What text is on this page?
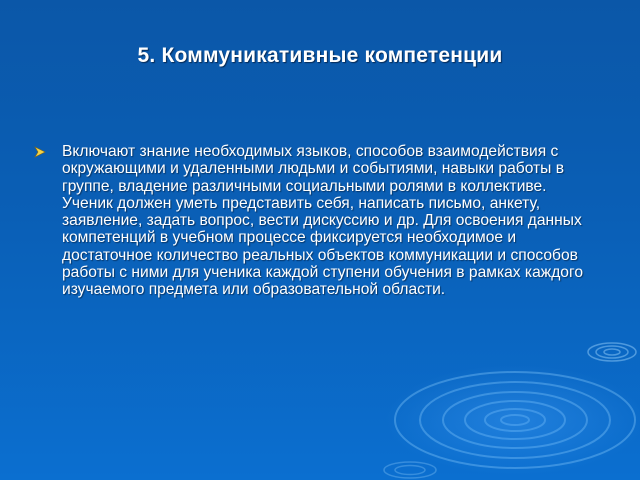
5. Коммуникативные компетенции

Включают знание необходимых языков, способов взаимодействия с окружающими и удаленными людьми и событиями, навыки работы в группе, владение различными социальными ролями в коллективе. Ученик должен уметь представить себя, написать письмо, анкету, заявление, задать вопрос, вести дискуссию и др. Для освоения данных компетенций в учебном процессе фиксируется необходимое и достаточное количество реальных объектов коммуникации и способов работы с ними для ученика каждой ступени обучения в рамках каждого изучаемого предмета или образовательной области.
